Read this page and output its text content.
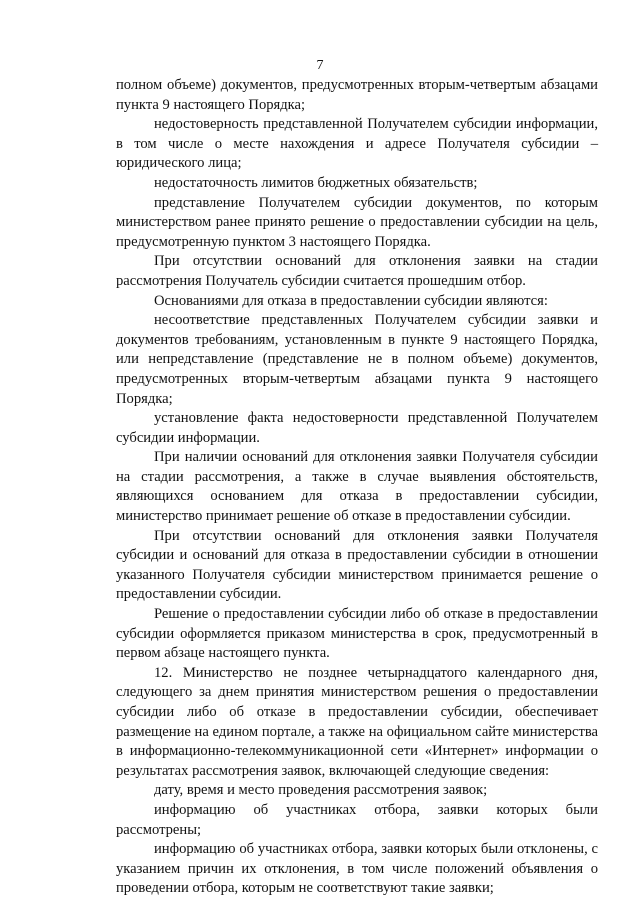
7

полном объеме) документов, предусмотренных вторым-четвертым абзацами пункта 9 настоящего Порядка;

недостоверность представленной Получателем субсидии информации, в том числе о месте нахождения и адресе Получателя субсидии – юридического лица;

недостаточность лимитов бюджетных обязательств;

представление Получателем субсидии документов, по которым министерством ранее принято решение о предоставлении субсидии на цель, предусмотренную пунктом 3 настоящего Порядка.

При отсутствии оснований для отклонения заявки на стадии рассмотрения Получатель субсидии считается прошедшим отбор.

Основаниями для отказа в предоставлении субсидии являются:

несоответствие представленных Получателем субсидии заявки и документов требованиям, установленным в пункте 9 настоящего Порядка, или непредставление (представление не в полном объеме) документов, предусмотренных вторым-четвертым абзацами пункта 9 настоящего Порядка;

установление факта недостоверности представленной Получателем субсидии информации.

При наличии оснований для отклонения заявки Получателя субсидии на стадии рассмотрения, а также в случае выявления обстоятельств, являющихся основанием для отказа в предоставлении субсидии, министерство принимает решение об отказе в предоставлении субсидии.

При отсутствии оснований для отклонения заявки Получателя субсидии и оснований для отказа в предоставлении субсидии в отношении указанного Получателя субсидии министерством принимается решение о предоставлении субсидии.

Решение о предоставлении субсидии либо об отказе в предоставлении субсидии оформляется приказом министерства в срок, предусмотренный в первом абзаце настоящего пункта.

12. Министерство не позднее четырнадцатого календарного дня, следующего за днем принятия министерством решения о предоставлении субсидии либо об отказе в предоставлении субсидии, обеспечивает размещение на едином портале, а также на официальном сайте министерства в информационно-телекоммуникационной сети «Интернет» информации о результатах рассмотрения заявок, включающей следующие сведения:

дату, время и место проведения рассмотрения заявок;

информацию об участниках отбора, заявки которых были рассмотрены;

информацию об участниках отбора, заявки которых были отклонены, с указанием причин их отклонения, в том числе положений объявления о проведении отбора, которым не соответствуют такие заявки;
